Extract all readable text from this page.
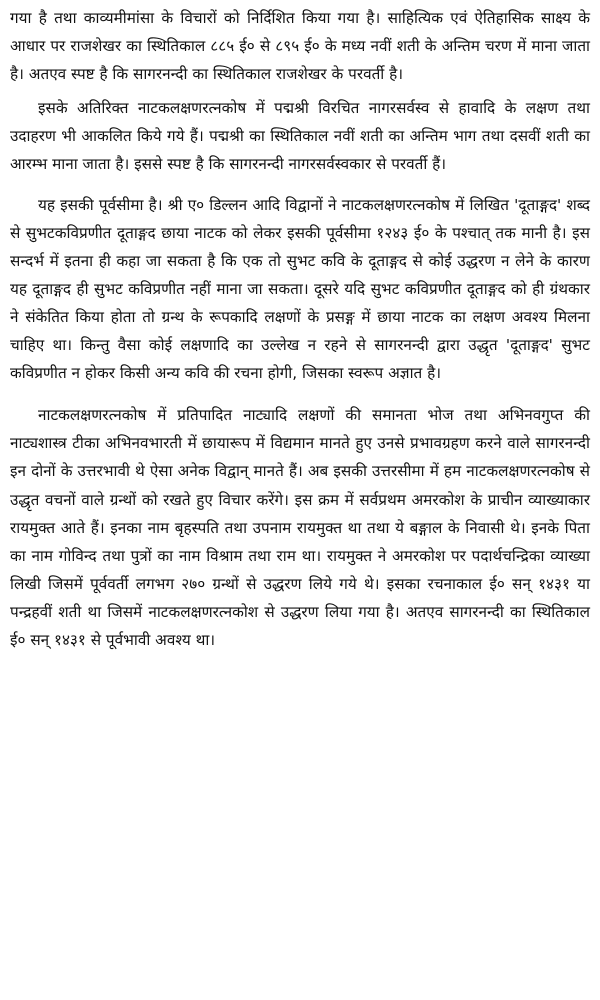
गया है तथा काव्यमीमांसा के विचारों को निर्दिशित किया गया है। साहित्यिक एवं ऐतिहासिक साक्ष्य के आधार पर राजशेखर का स्थितिकाल ८८५ ई० से ८९५ ई० के मध्य नवीं शती के अन्तिम चरण में माना जाता है। अतएव स्पष्ट है कि सागरनन्दी का स्थितिकाल राजशेखर के परवर्ती है।

इसके अतिरिक्त नाटकलक्षणरत्नकोष में पद्मश्री विरचित नागरसर्वस्व से हावादि के लक्षण तथा उदाहरण भी आकलित किये गये हैं। पद्मश्री का स्थितिकाल नवीं शती का अन्तिम भाग तथा दसवीं शती का आरम्भ माना जाता है। इससे स्पष्ट है कि सागरनन्दी नागरसर्वस्वकार से परवर्ती हैं।

यह इसकी पूर्वसीमा है। श्री ए० डिल्लन आदि विद्वानों ने नाटकलक्षणरत्नकोष में लिखित 'दूताङ्गद' शब्द से सुभटकविप्रणीत दूताङ्गद छाया नाटक को लेकर इसकी पूर्वसीमा १२४३ ई० के पश्चात् तक मानी है। इस सन्दर्भ में इतना ही कहा जा सकता है कि एक तो सुभट कवि के दूताङ्गद से कोई उद्धरण न लेने के कारण यह दूताङ्गद ही सुभट कविप्रणीत नहीं माना जा सकता। दूसरे यदि सुभट कविप्रणीत दूताङ्गद को ही ग्रंथकार ने संकेतित किया होता तो ग्रन्थ के रूपकादि लक्षणों के प्रसङ्ग में छाया नाटक का लक्षण अवश्य मिलना चाहिए था। किन्तु वैसा कोई लक्षणादि का उल्लेख न रहने से सागरनन्दी द्वारा उद्धृत 'दूताङ्गद' सुभट कविप्रणीत न होकर किसी अन्य कवि की रचना होगी, जिसका स्वरूप अज्ञात है।

नाटकलक्षणरत्नकोष में प्रतिपादित नाट्यादि लक्षणों की समानता भोज तथा अभिनवगुप्त की नाट्यशास्त्र टीका अभिनवभारती में छायारूप में विद्यमान मानते हुए उनसे प्रभावग्रहण करने वाले सागरनन्दी इन दोनों के उत्तरभावी थे ऐसा अनेक विद्वान् मानते हैं। अब इसकी उत्तरसीमा में हम नाटकलक्षणरत्नकोष से उद्धृत वचनों वाले ग्रन्थों को रखते हुए विचार करेंगे। इस क्रम में सर्वप्रथम अमरकोश के प्राचीन व्याख्याकार रायमुक्त आते हैं। इनका नाम बृहस्पति तथा उपनाम रायमुक्त था तथा ये बङ्गाल के निवासी थे। इनके पिता का नाम गोविन्द तथा पुत्रों का नाम विश्राम तथा राम था। रायमुक्त ने अमरकोश पर पदार्थचन्द्रिका व्याख्या लिखी जिसमें पूर्ववर्ती लगभग २७० ग्रन्थों से उद्धरण लिये गये थे। इसका रचनाकाल ई० सन् १४३१ या पन्द्रहवीं शती था जिसमें नाटकलक्षणरत्नकोश से उद्धरण लिया गया है। अतएव सागरनन्दी का स्थितिकाल ई० सन् १४३१ से पूर्वभावी अवश्य था।
